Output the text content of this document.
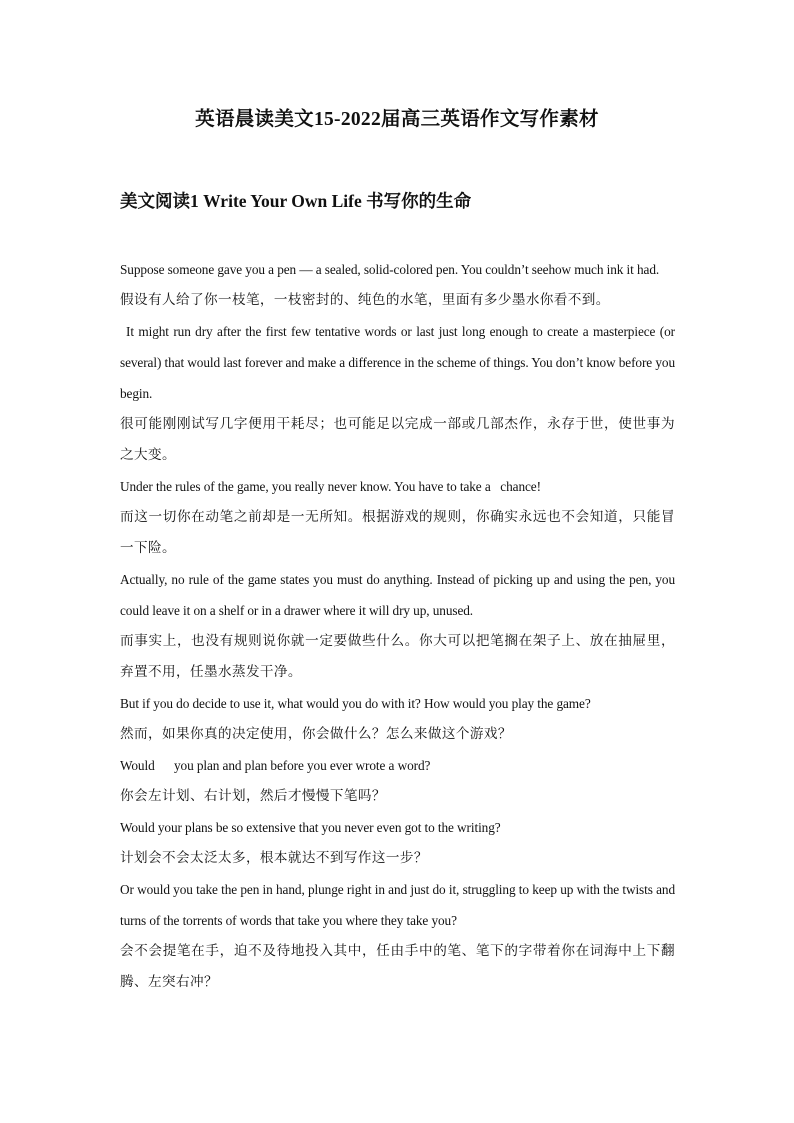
英语晨读美文15-2022届高三英语作文写作素材
美文阅读1 Write Your Own Life 书写你的生命

Suppose someone gave you a pen — a sealed, solid-colored pen. You couldn’t seehow much ink it had.

假设有人给了你一枝笔，一枝密封的、纯色的水笔，里面有多少墨水你看不到。

It might run dry after the first few tentative words or last just long enough to create a masterpiece (or several) that would last forever and make a difference in the scheme of things. You don’t know before you begin.

很可能刚刚试写几字便用干耗尽；也可能足以完成一部或几部杰作，永存于世，使世事为之大变。

Under the rules of the game, you really never know. You have to take a   chance!

而这一切你在动笔之前却是一无所知。根据游戏的规则，你确实永远也不会知道，只能冒一下险。

Actually, no rule of the game states you must do anything. Instead of picking up and using the pen, you could leave it on a shelf or in a drawer where it will dry up, unused.

而事实上，也没有规则说你就一定要做些什么。你大可以把笔搁在架子上、放在抽屉里，弃置不用，任墨水蒸发干净。

But if you do decide to use it, what would you do with it? How would you play the game?

然而，如果你真的决定使用，你会做什么？怎么来做这个游戏？

Would      you plan and plan before you ever wrote a word?

你会左计划、右计划，然后才慢慢下笔吗？

Would your plans be so extensive that you never even got to the writing?

计划会不会太泛太多，根本就达不到写作这一步？

Or would you take the pen in hand, plunge right in and just do it, struggling to keep up with the twists and turns of the torrents of words that take you where they take you?

会不会提笔在手，迫不及待地投入其中，任由手中的笔、笔下的字带着你在词海中上下翻腾、左突右冲？
